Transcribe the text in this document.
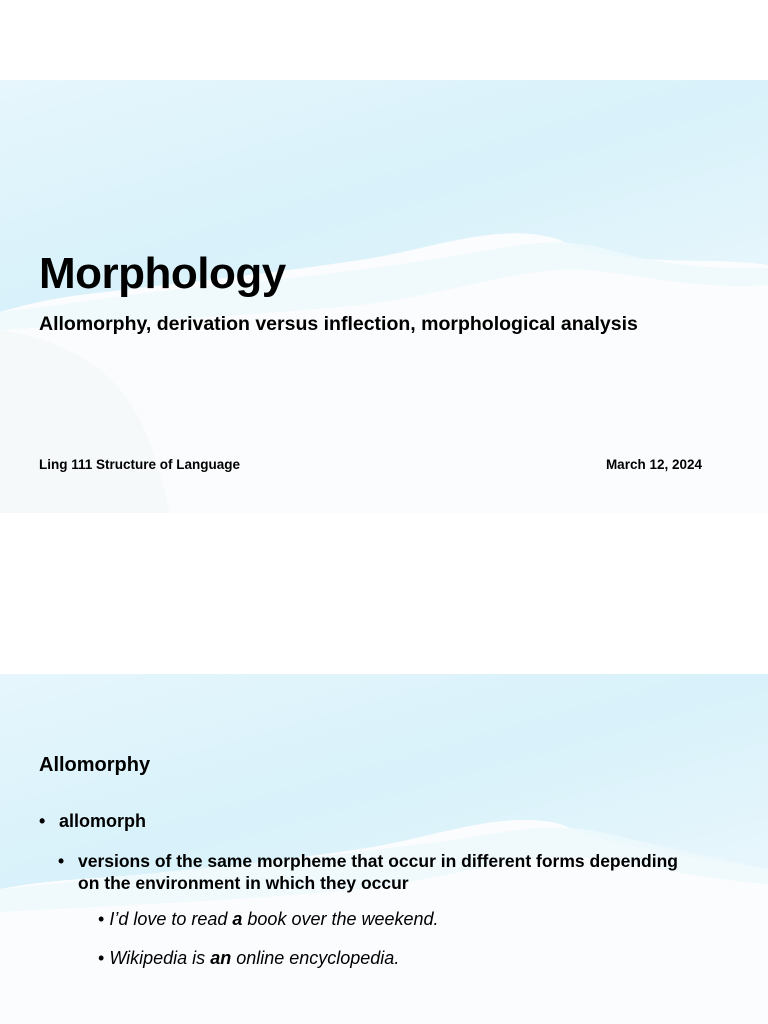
Morphology
Allomorphy, derivation versus inflection, morphological analysis
Ling 111 Structure of Language	March 12, 2024
Allomorphy
• allomorph
• versions of the same morpheme that occur in different forms depending on the environment in which they occur
• I’d love to read a book over the weekend.
• Wikipedia is an online encyclopedia.
